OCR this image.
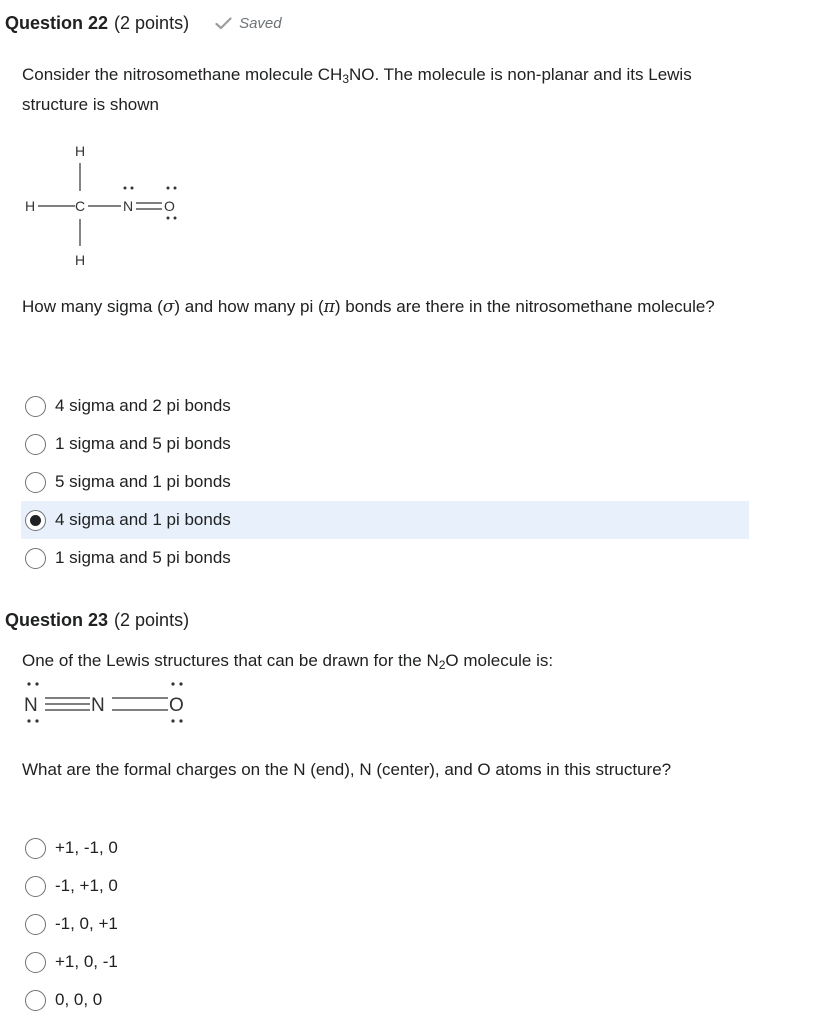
Question 22 (2 points)	Saved
Consider the nitrosomethane molecule $CH_3NO$. The molecule is non-planar and its Lewis structure is shown
H
H	C	N O
H
How many sigma (σ) and how many pi (π) bonds are there in the nitrosomethane molecule?
4 sigma and 2 pi bonds
1 sigma and 5 pi bonds
5 sigma and 1 pi bonds
4 sigma and 1 pi bonds
1 sigma and 5 pi bonds
Question 23 (2 points)
One of the Lewis structures that can be drawn for the $N_2O$ molecule is:
N	N	O
What are the formal charges on the N (end), N (center), and O atoms in this structure?
+1, -1, 0
-1, +1, 0
-1, 0, +1
+1, 0, -1
0, 0, 0
